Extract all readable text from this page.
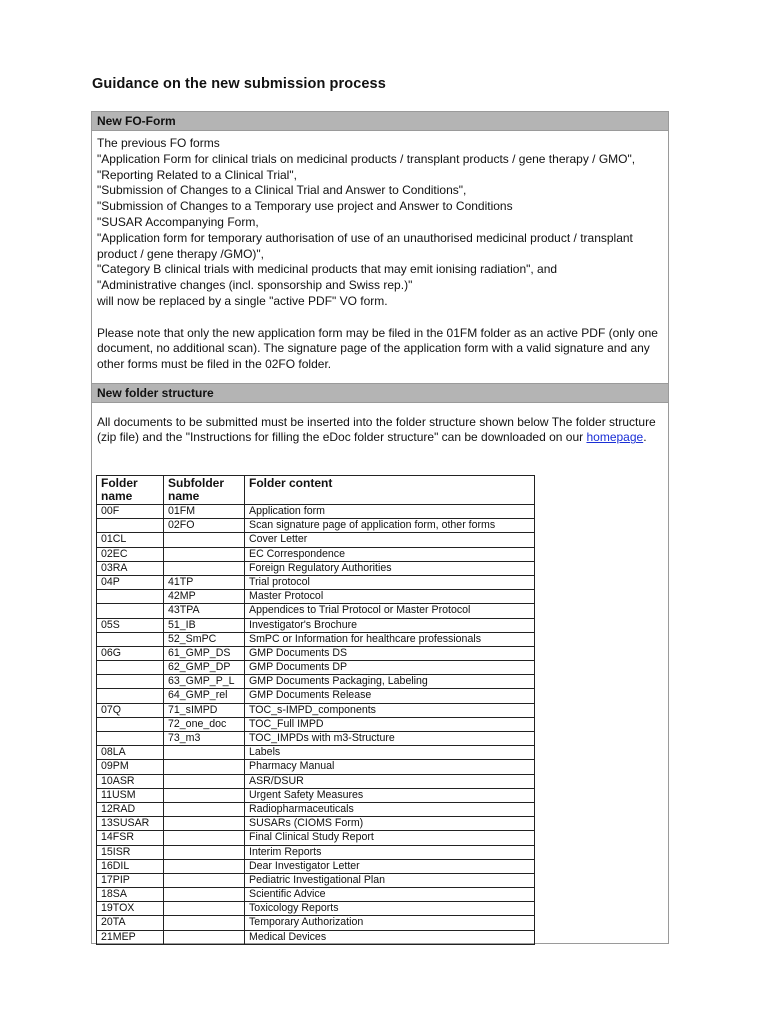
Guidance on the new submission process
New FO-Form

The previous FO forms

"Application Form for clinical trials on medicinal products / transplant products / gene therapy / GMO",

"Reporting Related to a Clinical Trial",

"Submission of Changes to a Clinical Trial and Answer to Conditions",

"Submission of Changes to a Temporary use project and Answer to Conditions

"SUSAR Accompanying Form,

"Application form for temporary authorisation of use of an unauthorised medicinal product / transplant product / gene therapy /GMO)",

"Category B clinical trials with medicinal products that may emit ionising radiation", and

"Administrative changes (incl. sponsorship and Swiss rep.)"

will now be replaced by a single "active PDF" VO form.

Please note that only the new application form may be filed in the 01FM folder as an active PDF (only one document, no additional scan). The signature page of the application form with a valid signature and any other forms must be filed in the 02FO folder.

New folder structure

All documents to be submitted must be inserted into the folder structure shown below The folder structure (zip file) and the "Instructions for filling the eDoc folder structure" can be downloaded on our homepage.

Folder name	Subfolder name	Folder content
00F	01FM	Application form
	02FO	Scan signature page of application form, other forms
01CL		Cover Letter
02EC		EC Correspondence
03RA		Foreign Regulatory Authorities
04P	41TP	Trial protocol
	42MP	Master Protocol
	43TPA	Appendices to Trial Protocol or Master Protocol
05S	51_IB	Investigator's Brochure
	52_SmPC	SmPC or Information for healthcare professionals
06G	61_GMP_DS	GMP Documents DS
	62_GMP_DP	GMP Documents DP
	63_GMP_P_L	GMP Documents Packaging, Labeling
	64_GMP_rel	GMP Documents Release
07Q	71_sIMPD	TOC_s-IMPD_components
	72_one_doc	TOC_Full IMPD
	73_m3	TOC_IMPDs with m3-Structure
08LA		Labels
09PM		Pharmacy Manual
10ASR		ASR/DSUR
11USM		Urgent Safety Measures
12RAD		Radiopharmaceuticals
13SUSAR		SUSARs (CIOMS Form)
14FSR		Final Clinical Study Report
15ISR		Interim Reports
16DIL		Dear Investigator Letter
17PIP		Pediatric Investigational Plan
18SA		Scientific Advice
19TOX		Toxicology Reports
20TA		Temporary Authorization
21MEP		Medical Devices
